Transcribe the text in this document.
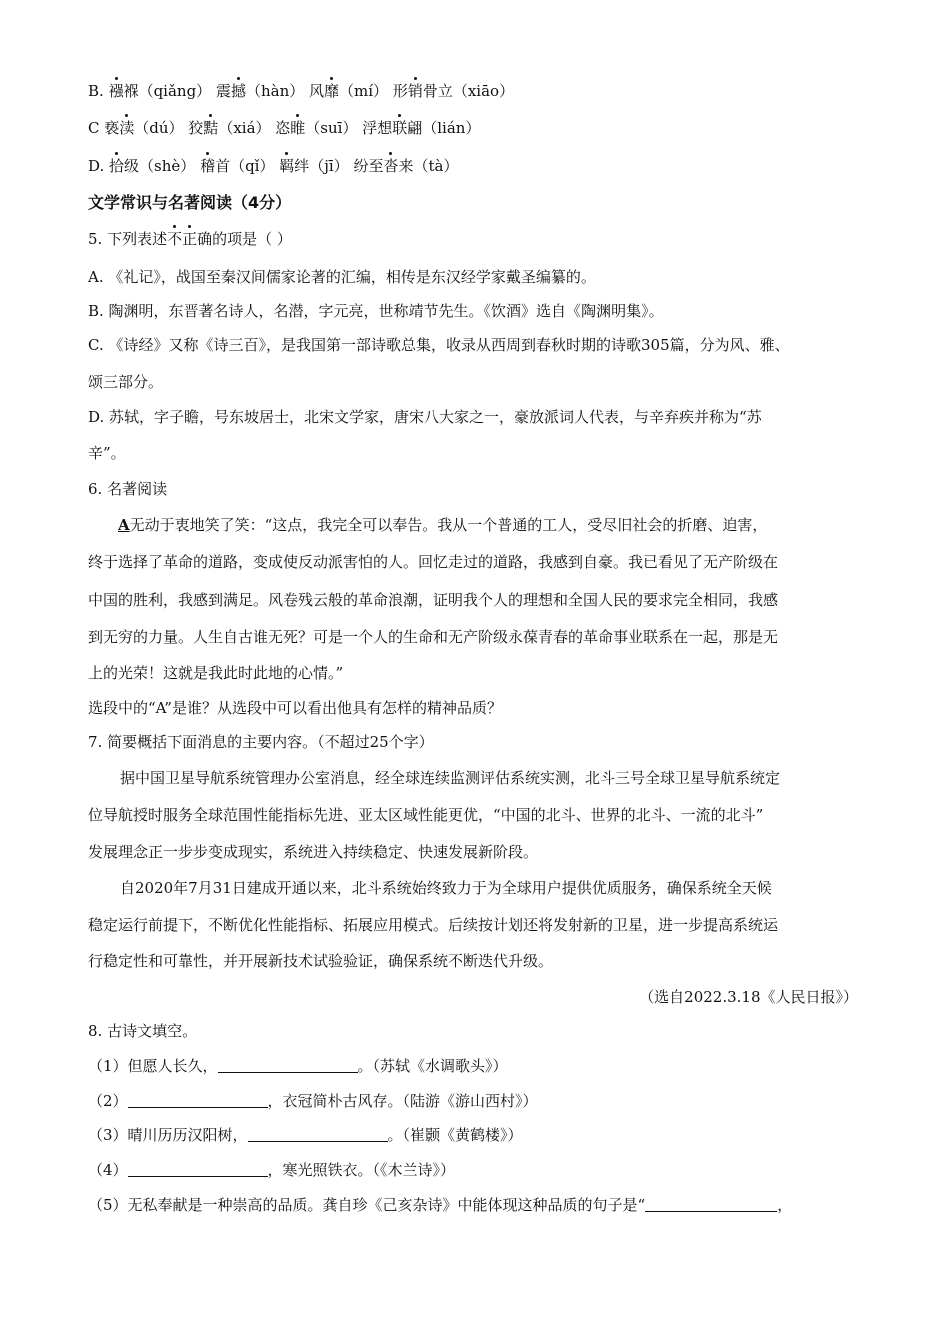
B. 襁褓（qiǎng） 震撼（hàn） 风靡（mí） 形销骨立（xiāo）
C 亵渎（dú） 狡黠（xiá） 恣睢（suī） 浮想联翩（lián）
D. 拾级（shè） 稽首（qǐ） 羁绊（jī） 纷至沓来（tà）
文学常识与名著阅读（4分）
5. 下列表述不正确的项是（ ）
A. 《礼记》，战国至秦汉间儒家论著的汇编，相传是东汉经学家戴圣编纂的。
B. 陶渊明，东晋著名诗人，名潜，字元亮，世称靖节先生。《饮酒》选自《陶渊明集》。
C. 《诗经》又称《诗三百》，是我国第一部诗歌总集，收录从西周到春秋时期的诗歌305篇，分为风、雅、
颂三部分。
D. 苏轼，字子瞻，号东坡居士，北宋文学家，唐宋八大家之一，豪放派词人代表，与辛弃疾并称为“苏
辛”。
6. 名著阅读
A无动于衷地笑了笑：“这点，我完全可以奉告。我从一个普通的工人，受尽旧社会的折磨、迫害，
终于选择了革命的道路，变成使反动派害怕的人。回忆走过的道路，我感到自豪。我已看见了无产阶级在
中国的胜利，我感到满足。风卷残云般的革命浪潮，证明我个人的理想和全国人民的要求完全相同，我感
到无穷的力量。人生自古谁无死？可是一个人的生命和无产阶级永葆青春的革命事业联系在一起，那是无
上的光荣！这就是我此时此地的心情。”
选段中的“A”是谁？从选段中可以看出他具有怎样的精神品质？
7. 简要概括下面消息的主要内容。（不超过25个字）
据中国卫星导航系统管理办公室消息，经全球连续监测评估系统实测，北斗三号全球卫星导航系统定
位导航授时服务全球范围性能指标先进、亚太区域性能更优，“中国的北斗、世界的北斗、一流的北斗”
发展理念正一步步变成现实，系统进入持续稳定、快速发展新阶段。
自2020年7月31日建成开通以来，北斗系统始终致力于为全球用户提供优质服务，确保系统全天候
稳定运行前提下，不断优化性能指标、拓展应用模式。后续按计划还将发射新的卫星，进一步提高系统运
行稳定性和可靠性，并开展新技术试验验证，确保系统不断迭代升级。
（选自2022.3.18《人民日报》）
8. 古诗文填空。
（1）但愿人长久，	。（苏轼《水调歌头》）
（2）	，衣冠简朴古风存。（陆游《游山西村》）
（3）晴川历历汉阳树，	。（崔颢《黄鹤楼》）
（4）	，寒光照铁衣。（《木兰诗》）
（5）无私奉献是一种崇高的品质。龚自珍《己亥杂诗》中能体现这种品质的句子是“	，
